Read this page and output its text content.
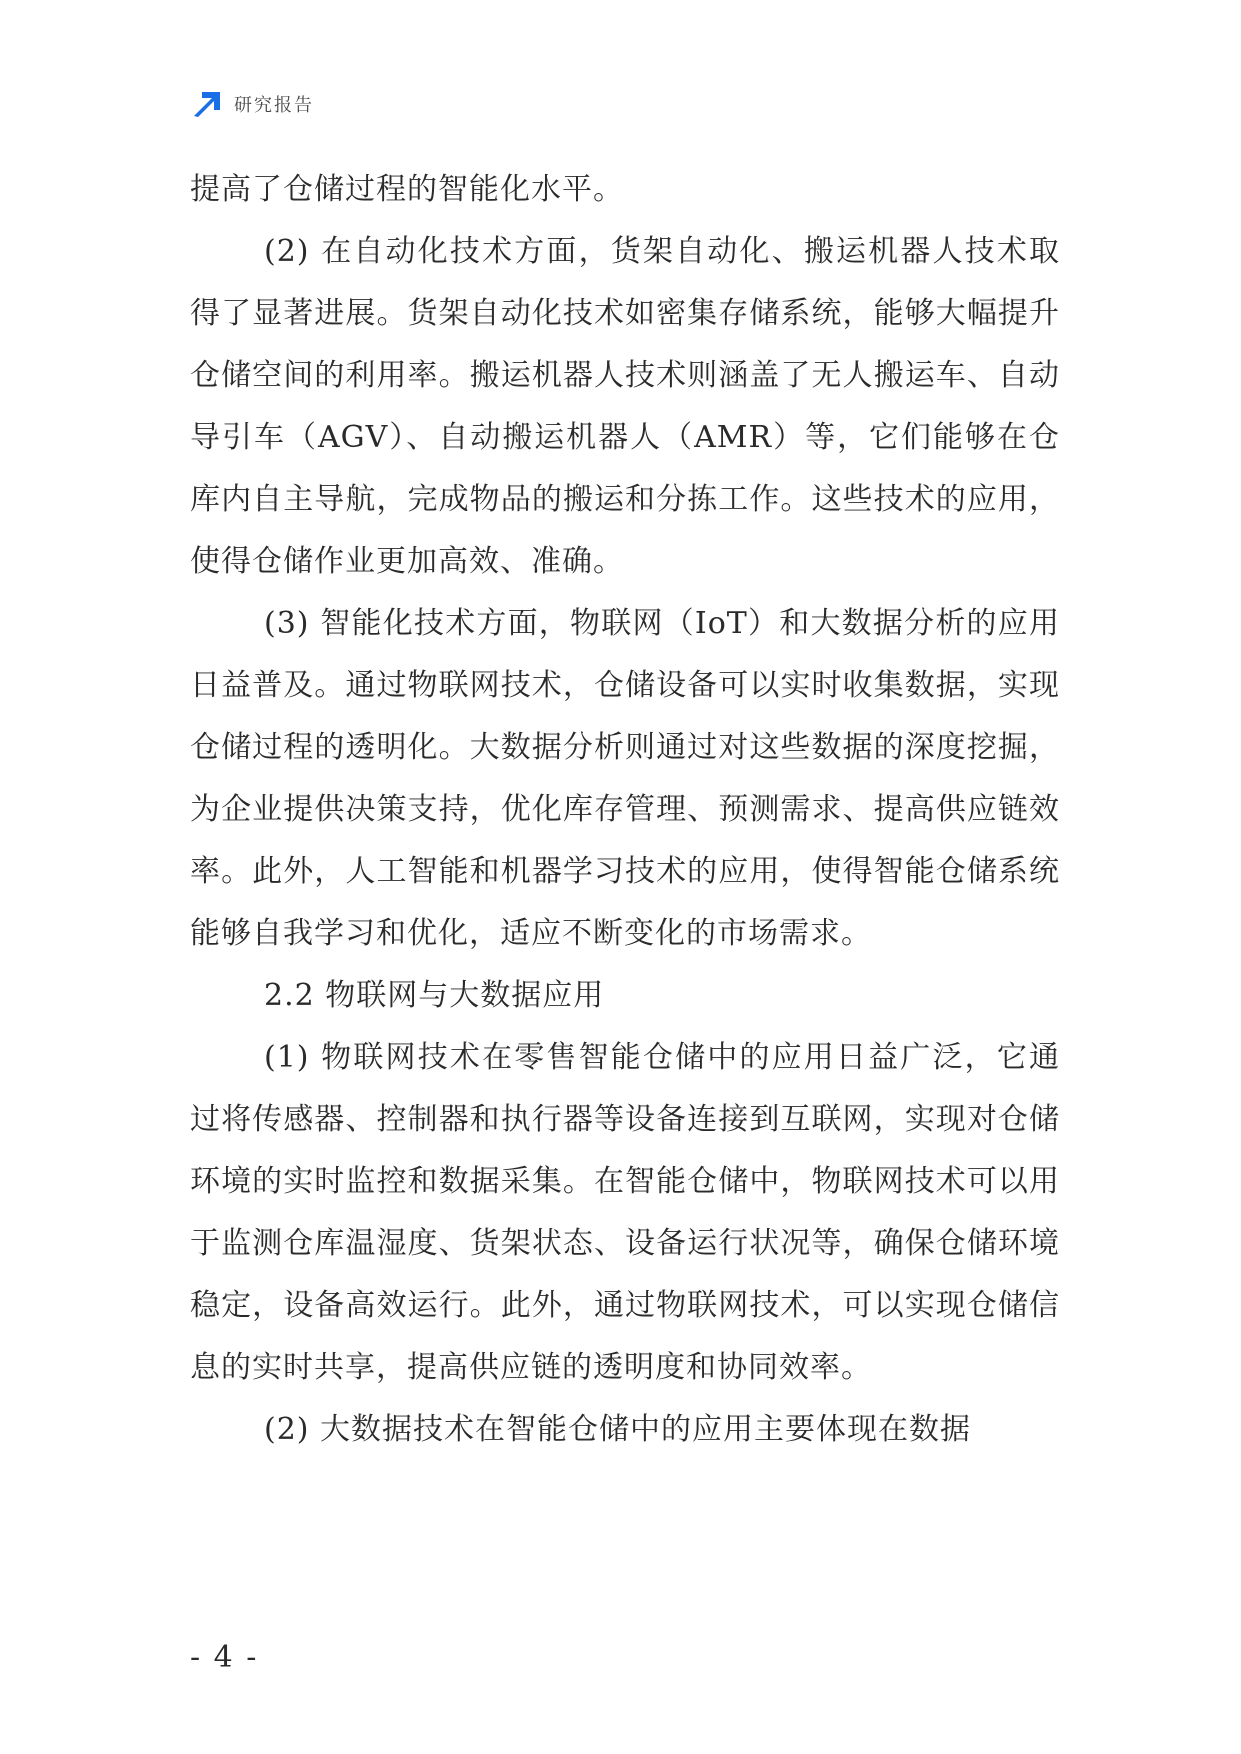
研究报告

提高了仓储过程的智能化水平。

(2) 在自动化技术方面，货架自动化、搬运机器人技术取得了显著进展。货架自动化技术如密集存储系统，能够大幅提升仓储空间的利用率。搬运机器人技术则涵盖了无人搬运车、自动导引车（AGV）、自动搬运机器人（AMR）等，它们能够在仓库内自主导航，完成物品的搬运和分拣工作。这些技术的应用，使得仓储作业更加高效、准确。

(3) 智能化技术方面，物联网（IoT）和大数据分析的应用日益普及。通过物联网技术，仓储设备可以实时收集数据，实现仓储过程的透明化。大数据分析则通过对这些数据的深度挖掘，为企业提供决策支持，优化库存管理、预测需求、提高供应链效率。此外，人工智能和机器学习技术的应用，使得智能仓储系统能够自我学习和优化，适应不断变化的市场需求。

2.2 物联网与大数据应用

(1) 物联网技术在零售智能仓储中的应用日益广泛，它通过将传感器、控制器和执行器等设备连接到互联网，实现对仓储环境的实时监控和数据采集。在智能仓储中，物联网技术可以用于监测仓库温湿度、货架状态、设备运行状况等，确保仓储环境稳定，设备高效运行。此外，通过物联网技术，可以实现仓储信息的实时共享，提高供应链的透明度和协同效率。

(2) 大数据技术在智能仓储中的应用主要体现在数据

- 4 -
